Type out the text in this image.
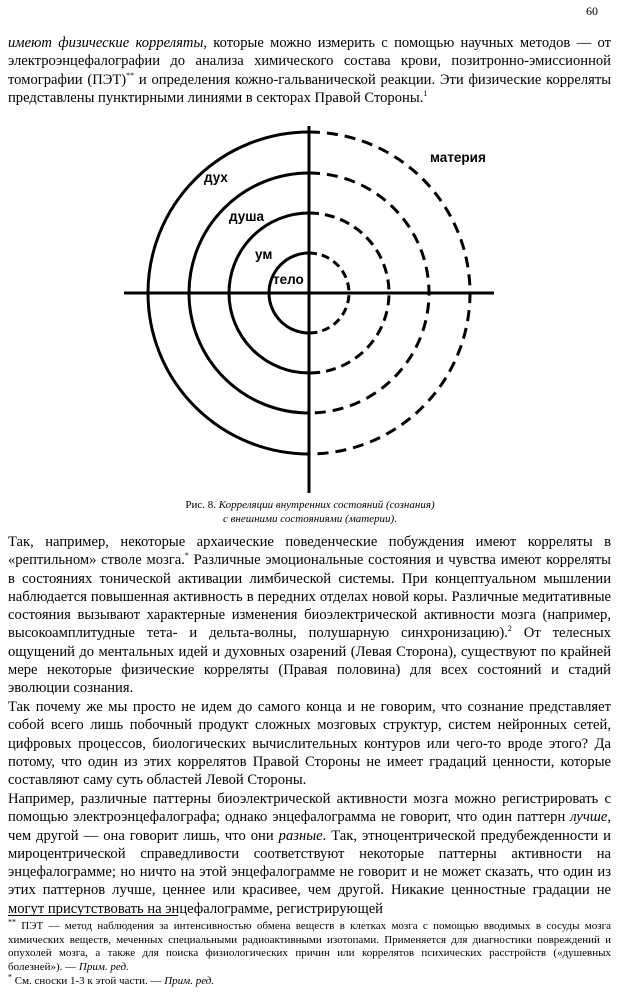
60

имеют физические корреляты, которые можно измерить с помощью научных методов — от электроэнцефалографии до анализа химического состава крови, позитронно-эмиссионной томографии (ПЭТ)** и определения кожно-гальванической реакции. Эти физические корреляты представлены пунктирными линиями в секторах Правой Стороны.$^1$

материя
дух
душа
ум
тело
Рис. 8. Корреляции внутренних состояний (сознания)
с внешними состояниями (материи).

Так, например, некоторые архаические поведенческие побуждения имеют корреляты в «рептильном» стволе мозга.* Различные эмоциональные состояния и чувства имеют корреляты в состояниях тонической активации лимбической системы. При концептуальном мышлении наблюдается повышенная активность в передних отделах новой коры. Различные медитативные состояния вызывают характерные изменения биоэлектрической активности мозга (например, высокоамплитудные тета- и дельта-волны, полушарную синхронизацию).$^2$ От телесных ощущений до ментальных идей и духовных озарений (Левая Сторона), существуют по крайней мере некоторые физические корреляты (Правая половина) для всех состояний и стадий эволюции сознания.

Так почему же мы просто не идем до самого конца и не говорим, что сознание представляет собой всего лишь побочный продукт сложных мозговых структур, систем нейронных сетей, цифровых процессов, биологических вычислительных контуров или чего-то вроде этого? Да потому, что один из этих коррелятов Правой Стороны не имеет градаций ценности, которые составляют саму суть областей Левой Стороны.

Например, различные паттерны биоэлектрической активности мозга можно регистрировать с помощью электроэнцефалографа; однако энцефалограмма не говорит, что один паттерн лучше, чем другой — она говорит лишь, что они разные. Так, этноцентрической предубежденности и мироцентрической справедливости соответствуют некоторые паттерны активности на энцефалограмме; но ничто на этой энцефалограмме не говорит и не может сказать, что один из этих паттернов лучше, ценнее или красивее, чем другой. Никакие ценностные градации не могут присутствовать на энцефалограмме, регистрирующей

** ПЭТ — метод наблюдения за интенсивностью обмена веществ в клетках мозга с помощью вводимых в сосуды мозга химических веществ, меченных специальными радиоактивными изотопами. Применяется для диагностики повреждений и опухолей мозга, а также для поиска физиологических причин или коррелятов психических расстройств («душевных болезней»). — Прим. ред.
* См. сноски 1-3 к этой части. — Прим. ред.
